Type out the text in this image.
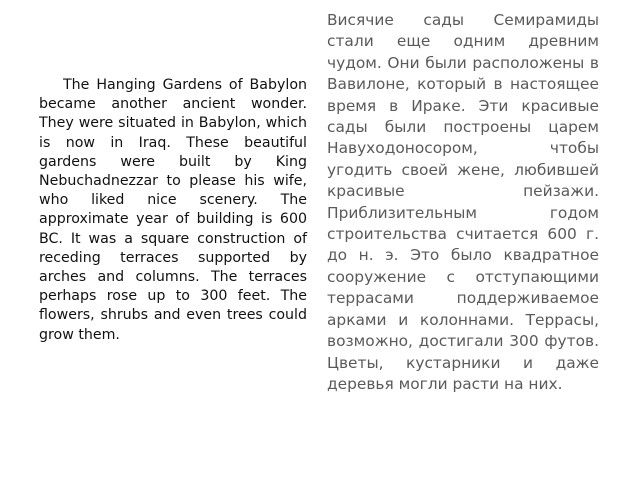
The Hanging Gardens of Babylon became another ancient wonder. They were situated in Babylon, which is now in Iraq. These beautiful gardens were built by King Nebuchadnezzar to please his wife, who liked nice scenery. The approximate year of building is 600 BC. It was a square construction of receding terraces supported by arches and columns. The terraces perhaps rose up to 300 feet. The flowers, shrubs and even trees could grow them.

Висячие сады Семирамиды стали еще одним древним чудом. Они были расположены в Вавилоне, который в настоящее время в Ираке. Эти красивые сады были построены царем Навуходоносором, чтобы угодить своей жене, любившей красивые пейзажи. Приблизительным годом строительства считается 600 г. до н. э. Это было квадратное сооружение с отступающими террасами поддерживаемое арками и колоннами. Террасы, возможно, достигали 300 футов. Цветы, кустарники и даже деревья могли расти на них.
